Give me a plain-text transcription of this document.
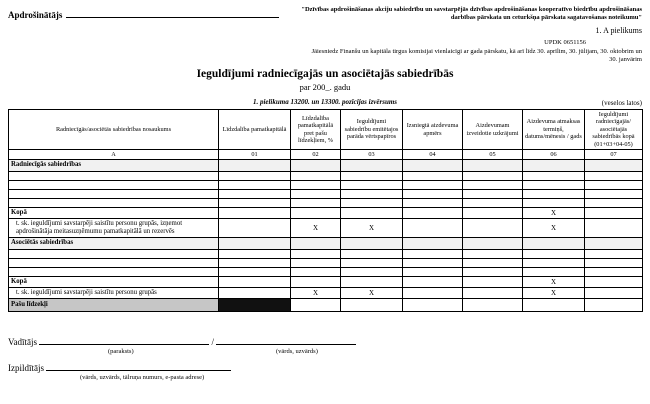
Apdrošinātājs
"Dzīvības apdrošināšanas akciju sabiedrību un savstarpējās dzīvības apdrošināšanas kooperatīvo biedrību apdrošināšanas darbības pārskata un ceturkšņa pārskata sagatavošanas noteikumu"
1. A pielikums
UPDK 0651156
Jāiesniedz Finanšu un kapitāla tirgus komisijai vienlaicīgi ar gada pārskatu, kā arī līdz 30. aprīlim, 30. jūlijam, 30. oktobrim un 30. janvārim
Ieguldījumi radniecīgajās un asociētajās sabiedrībās
par 200_. gadu
1. pielikuma 13200. un 13300. pozīcijas izvērsums	(veselos latos)
Radniecīgās/asociētās sabiedrības nosaukums	Līdzdalība pamatkapitālā	Līdzdalība pamatkapitālā pret pašu līdzekļiem, %	Ieguldījumi sabiedrību emitētajos parāda vērtspapīros	Izsniegtā aizdevuma apmērs	Aizdevumam izveidotie uzkrājumi	Aizdevuma atmaksas termiņš, datums/mēnesis / gads	Ieguldījumi radniecīgajās/ asociētajās sabiedrībās kopā (01+03+04-05)
A	01	02	03	04	05	06	07
Radniecīgās sabiedrības							

Kopā						X	
t. sk. ieguldījumi savstarpēji saistītu personu grupās, izņemot apdrošinātāja meitasuzņēmumu pamatkapitālā un rezervēs		X	X			X	
Asociētās sabiedrības							

Kopā						X	
t. sk. ieguldījumi savstarpēji saistītu personu grupās		X	X			X	
Pašu līdzekļi							
Vadītājs	/
(paraksts)	(vārds, uzvārds)
Izpildītājs
(vārds, uzvārds, tālruņa numurs, e-pasta adrese)
